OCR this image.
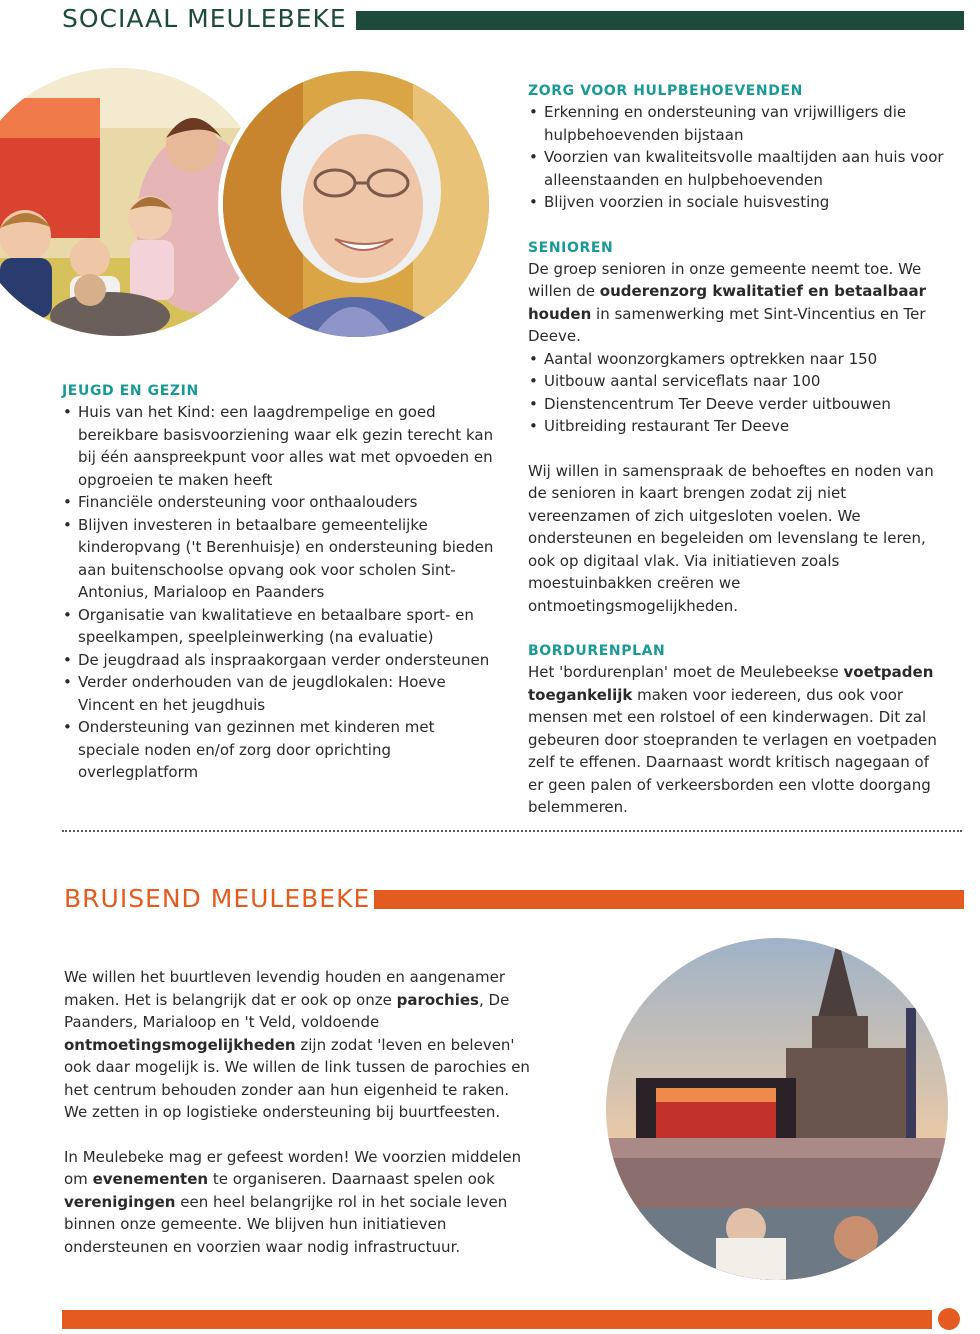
SOCIAAL MEULEBEKE
ZORG VOOR HULPBEHOEVENDEN
• Erkenning en ondersteuning van vrijwilligers die hulpbehoevenden bijstaan
• Voorzien van kwaliteitsvolle maaltijden aan huis voor alleenstaanden en hulpbehoevenden
• Blijven voorzien in sociale huisvesting
SENIOREN

De groep senioren in onze gemeente neemt toe. We willen de ouderenzorg kwalitatief en betaalbaar houden in samenwerking met Sint-Vincentius en Ter Deeve.

• Aantal woonzorgkamers optrekken naar 150
• Uitbouw aantal serviceflats naar 100
• Dienstencentrum Ter Deeve verder uitbouwen
• Uitbreiding restaurant Ter Deeve

Wij willen in samenspraak de behoeftes en noden van de senioren in kaart brengen zodat zij niet vereenzamen of zich uitgesloten voelen. We ondersteunen en begeleiden om levenslang te leren, ook op digitaal vlak. Via initiatieven zoals moestuinbakken creëren we ontmoetingsmogelijkheden.

BORDURENPLAN

Het 'bordurenplan' moet de Meulebeekse voetpaden toegankelijk maken voor iedereen, dus ook voor mensen met een rolstoel of een kinderwagen. Dit zal gebeuren door stoepranden te verlagen en voetpaden zelf te effenen. Daarnaast wordt kritisch nagegaan of er geen palen of verkeersborden een vlotte doorgang belemmeren.

JEUGD EN GEZIN
• Huis van het Kind: een laagdrempelige en goed bereikbare basisvoorziening waar elk gezin terecht kan bij één aanspreekpunt voor alles wat met opvoeden en opgroeien te maken heeft
• Financiële ondersteuning voor onthaalouders
• Blijven investeren in betaalbare gemeentelijke kinderopvang ('t Berenhuisje) en ondersteuning bieden aan buitenschoolse opvang ook voor scholen Sint-Antonius, Marialoop en Paanders
• Organisatie van kwalitatieve en betaalbare sport- en speelkampen, speelpleinwerking (na evaluatie)
• De jeugdraad als inspraakorgaan verder ondersteunen
• Verder onderhouden van de jeugdlokalen: Hoeve Vincent en het jeugdhuis
• Ondersteuning van gezinnen met kinderen met speciale noden en/of zorg door oprichting overlegplatform
BRUISEND MEULEBEKE

We willen het buurtleven levendig houden en aangenamer maken. Het is belangrijk dat er ook op onze parochies, De Paanders, Marialoop en 't Veld, voldoende ontmoetingsmogelijkheden zijn zodat 'leven en beleven' ook daar mogelijk is. We willen de link tussen de parochies en het centrum behouden zonder aan hun eigenheid te raken. We zetten in op logistieke ondersteuning bij buurtfeesten.

In Meulebeke mag er gefeest worden! We voorzien middelen om evenementen te organiseren. Daarnaast spelen ook verenigingen een heel belangrijke rol in het sociale leven binnen onze gemeente. We blijven hun initiatieven ondersteunen en voorzien waar nodig infrastructuur.
